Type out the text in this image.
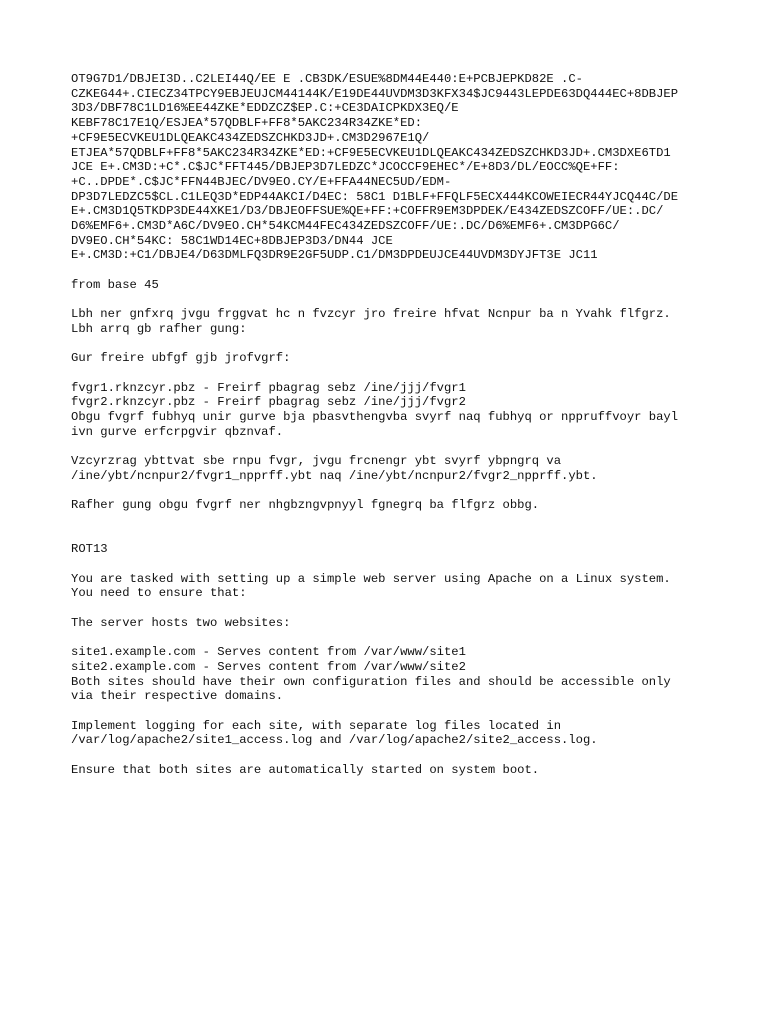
OT9G7D1/DBJEI3D..C2LEI44Q/EE E .CB3DK/ESUE%8DM44E440:E+PCBJEPKD82E .C-
CZKEG44+.CIECZ34TPCY9EBJEUJCM44144K/E19DE44UVDM3D3KFX34$JC9443LEPDE63DQ444EC+8DBJEP
3D3/DBF78C1LD16%EE44ZKE*EDDZCZ$EP.C:+CE3DAICPKDX3EQ/E
KEBF78C17E1Q/ESJEA*57QDBLF+FF8*5AKC234R34ZKE*ED:
+CF9E5ECVKEU1DLQEAKC434ZEDSZCHKD3JD+.CM3D2967E1Q/
ETJEA*57QDBLF+FF8*5AKC234R34ZKE*ED:+CF9E5ECVKEU1DLQEAKC434ZEDSZCHKD3JD+.CM3DXE6TD1
JCE E+.CM3D:+C*.C$JC*FFT445/DBJEP3D7LEDZC*JCOCCF9EHEC*/E+8D3/DL/EOCC%QE+FF:
+C..DPDE*.C$JC*FFN44BJEC/DV9EO.CY/E+FFA44NEC5UD/EDM-
DP3D7LEDZC5$CL.C1LEQ3D*EDP44AKCI/D4EC: 58C1 D1BLF+FFQLF5ECX444KCOWEIECR44YJCQ44C/DE
E+.CM3D1Q5TKDP3DE44XKE1/D3/DBJEOFFSUE%QE+FF:+COFFR9EM3DPDEK/E434ZEDSZCOFF/UE:.DC/
D6%EMF6+.CM3D*A6C/DV9EO.CH*54KCM44FEC434ZEDSZCOFF/UE:.DC/D6%EMF6+.CM3DPG6C/
DV9EO.CH*54KC: 58C1WD14EC+8DBJEP3D3/DN44 JCE
E+.CM3D:+C1/DBJE4/D63DMLFQ3DR9E2GF5UDP.C1/DM3DPDEUJCE44UVDM3DYJFT3E JC11
from base 45
Lbh ner gnfxrq jvgu frggvat hc n fvzcyr jro freire hfvat Ncnpur ba n Yvahk flfgrz.
Lbh arrq gb rafher gung:
Gur freire ubfgf gjb jrofvgrf:
fvgr1.rknzcyr.pbz - Freirf pbagrag sebz /ine/jjj/fvgr1
fvgr2.rknzcyr.pbz - Freirf pbagrag sebz /ine/jjj/fvgr2
Obgu fvgrf fubhyq unir gurve bja pbasvthengvba svyrf naq fubhyq or nppruffvoyr bayl
ivn gurve erfcrpgvir qbznvaf.
Vzcyrzrag ybttvat sbe rnpu fvgr, jvgu frcnengr ybt svyrf ybpngrq va
/ine/ybt/ncnpur2/fvgr1_npprff.ybt naq /ine/ybt/ncnpur2/fvgr2_npprff.ybt.
Rafher gung obgu fvgrf ner nhgbzngvpnyyl fgnegrq ba flfgrz obbg.
ROT13
You are tasked with setting up a simple web server using Apache on a Linux system.
You need to ensure that:
The server hosts two websites:
site1.example.com - Serves content from /var/www/site1
site2.example.com - Serves content from /var/www/site2
Both sites should have their own configuration files and should be accessible only
via their respective domains.
Implement logging for each site, with separate log files located in
/var/log/apache2/site1_access.log and /var/log/apache2/site2_access.log.
Ensure that both sites are automatically started on system boot.
